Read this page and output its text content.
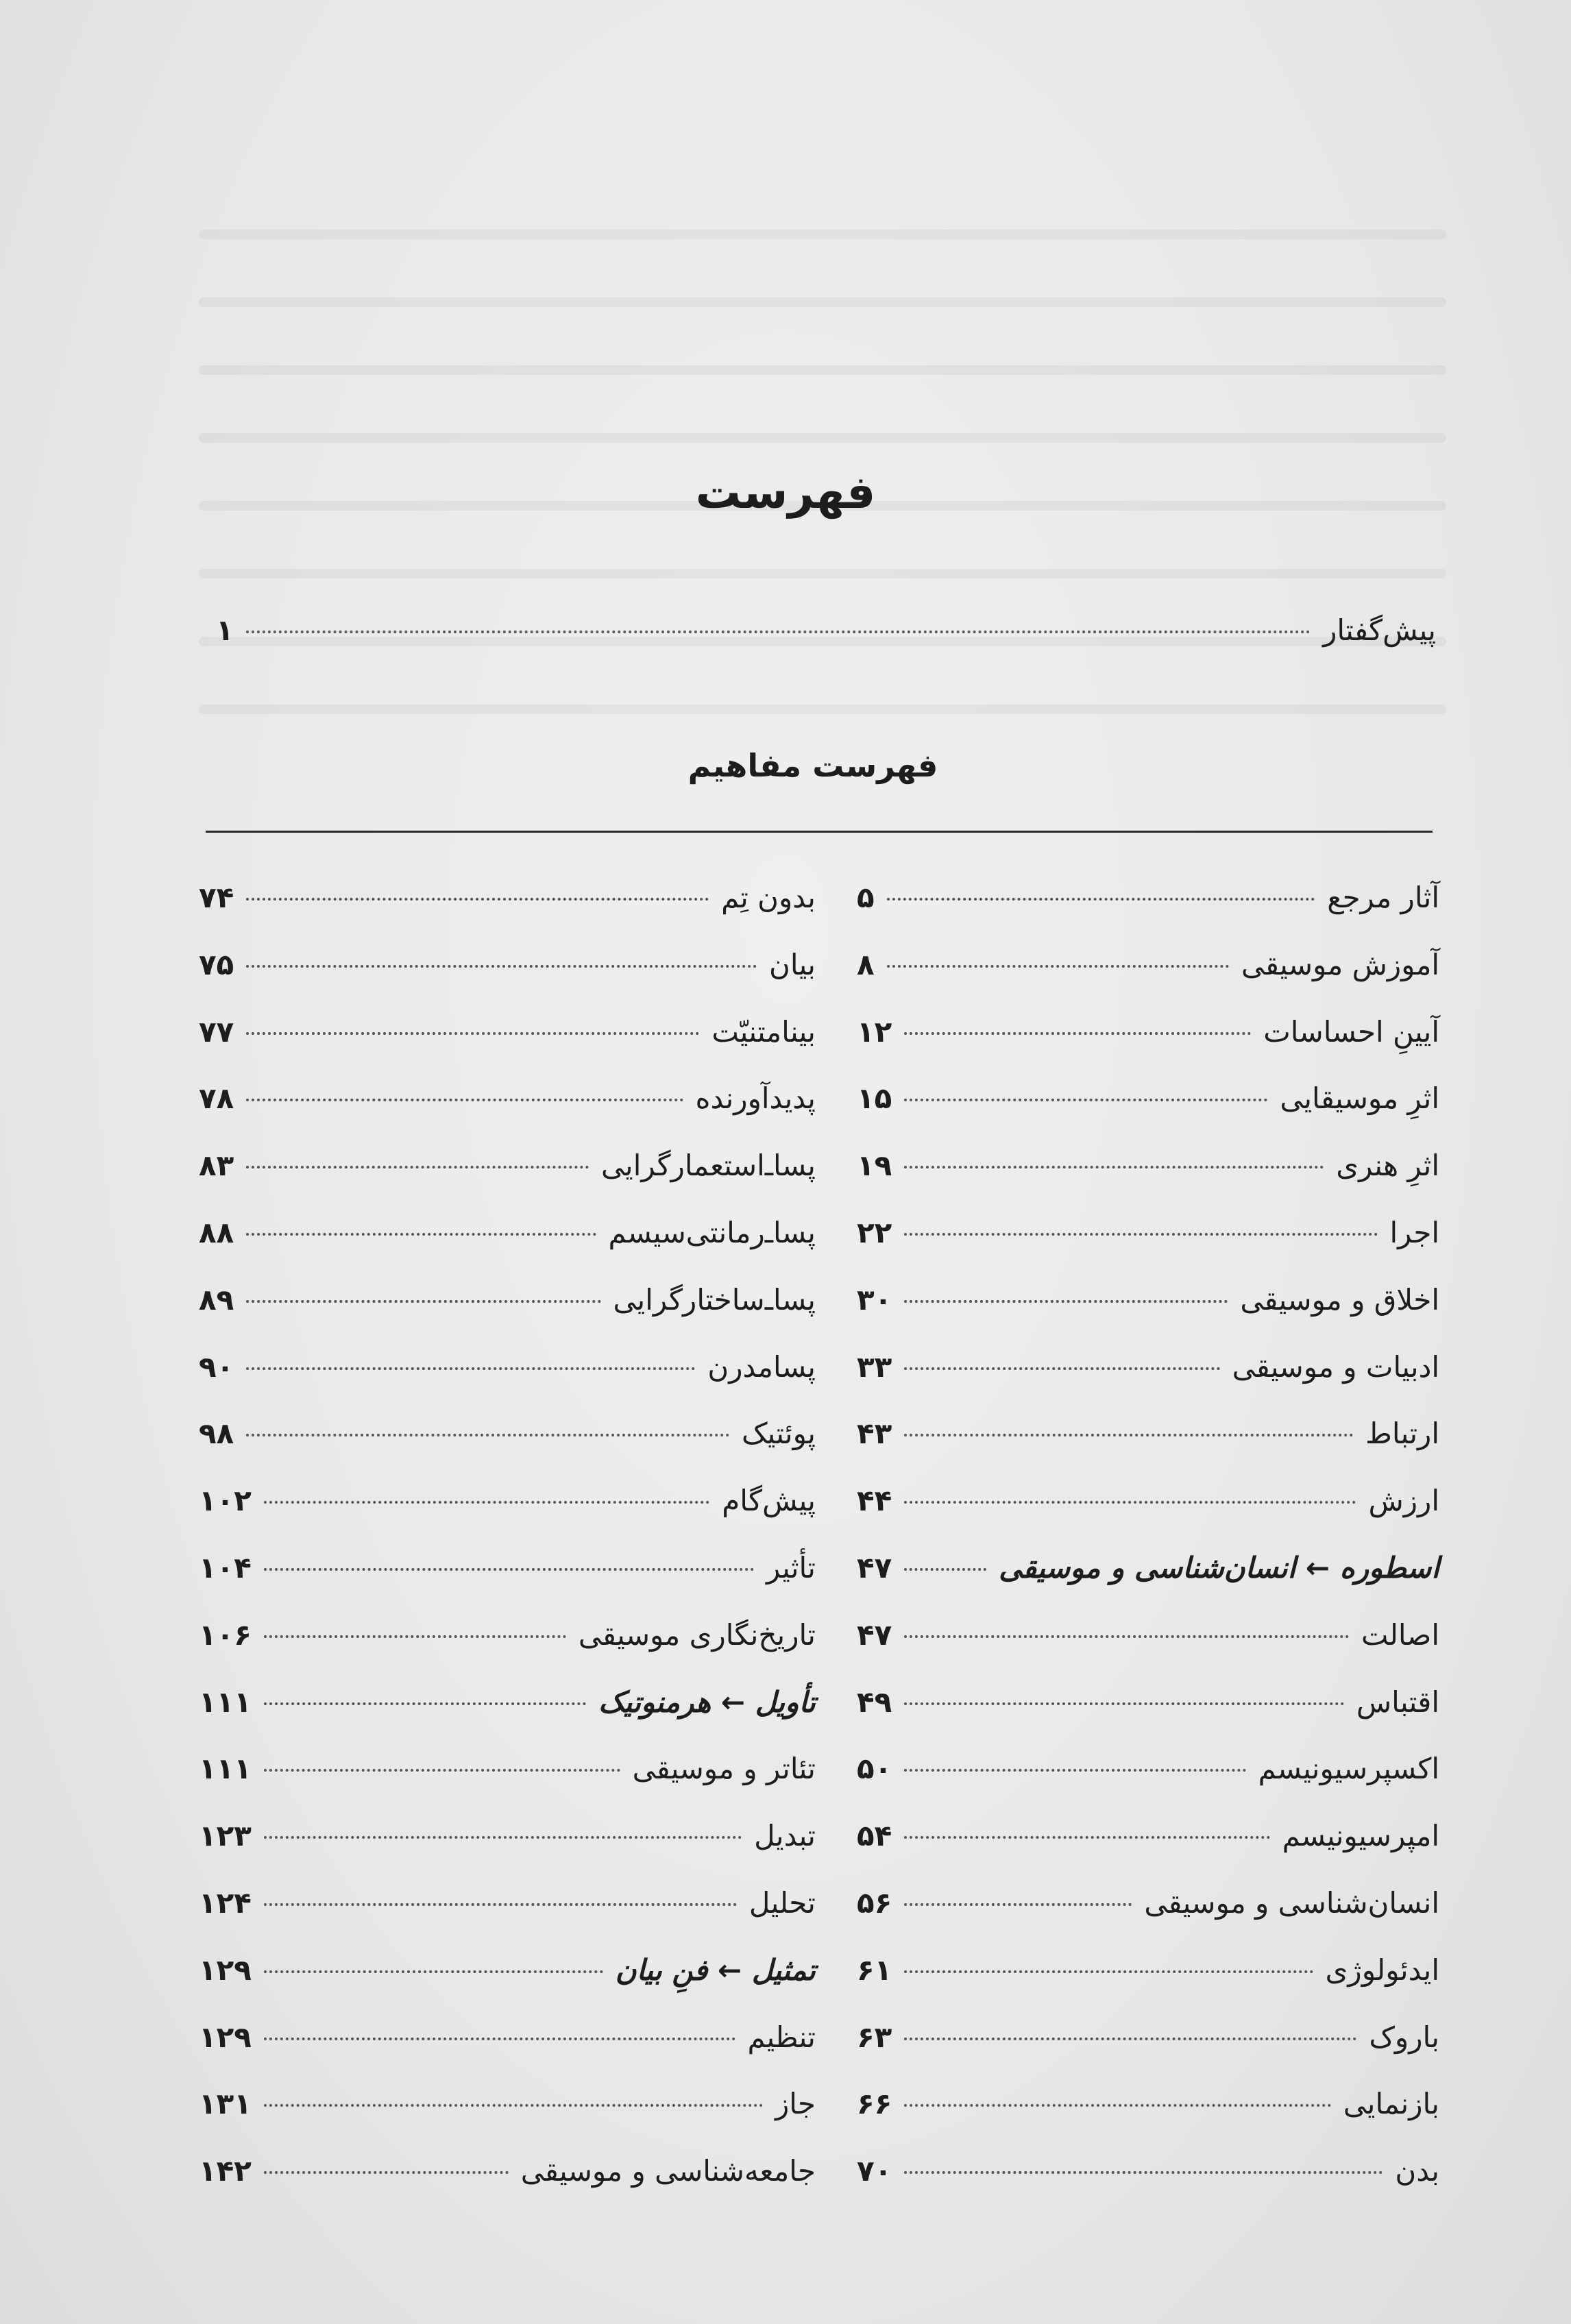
فهرست
پیش‌گفتار
۱
فهرست مفاهیم
آثار مرجع
۵
آموزش موسیقی
۸
آیینِ احساسات
۱۲
اثرِ موسیقایی
۱۵
اثرِ هنری
۱۹
اجرا
۲۲
اخلاق و موسیقی
۳۰
ادبیات و موسیقی
۳۳
ارتباط
۴۳
ارزش
۴۴
اسطوره ← انسان‌شناسی و موسیقی
۴۷
اصالت
۴۷
اقتباس
۴۹
اکسپرسیونیسم
۵۰
امپرسیونیسم
۵۴
انسان‌شناسی و موسیقی
۵۶
ایدئولوژی
۶۱
باروک
۶۳
بازنمایی
۶۶
بدن
۷۰
بدون تِم
۷۴
بیان
۷۵
بینامتنیّت
۷۷
پدیدآورنده
۷۸
پسا‌ـ‌استعمارگرایی
۸۳
پسا‌ـ‌رمانتی‌سیسم
۸۸
پسا‌ـ‌ساختارگرایی
۸۹
پسامدرن
۹۰
پوئتیک
۹۸
پیش‌گام
۱۰۲
تأثیر
۱۰۴
تاریخ‌نگاری موسیقی
۱۰۶
تأویل ← هرمنوتیک
۱۱۱
تئاتر و موسیقی
۱۱۱
تبدیل
۱۲۳
تحلیل
۱۲۴
تمثیل ← فنِ بیان
۱۲۹
تنظیم
۱۲۹
جاز
۱۳۱
جامعه‌شناسی و موسیقی
۱۴۲
